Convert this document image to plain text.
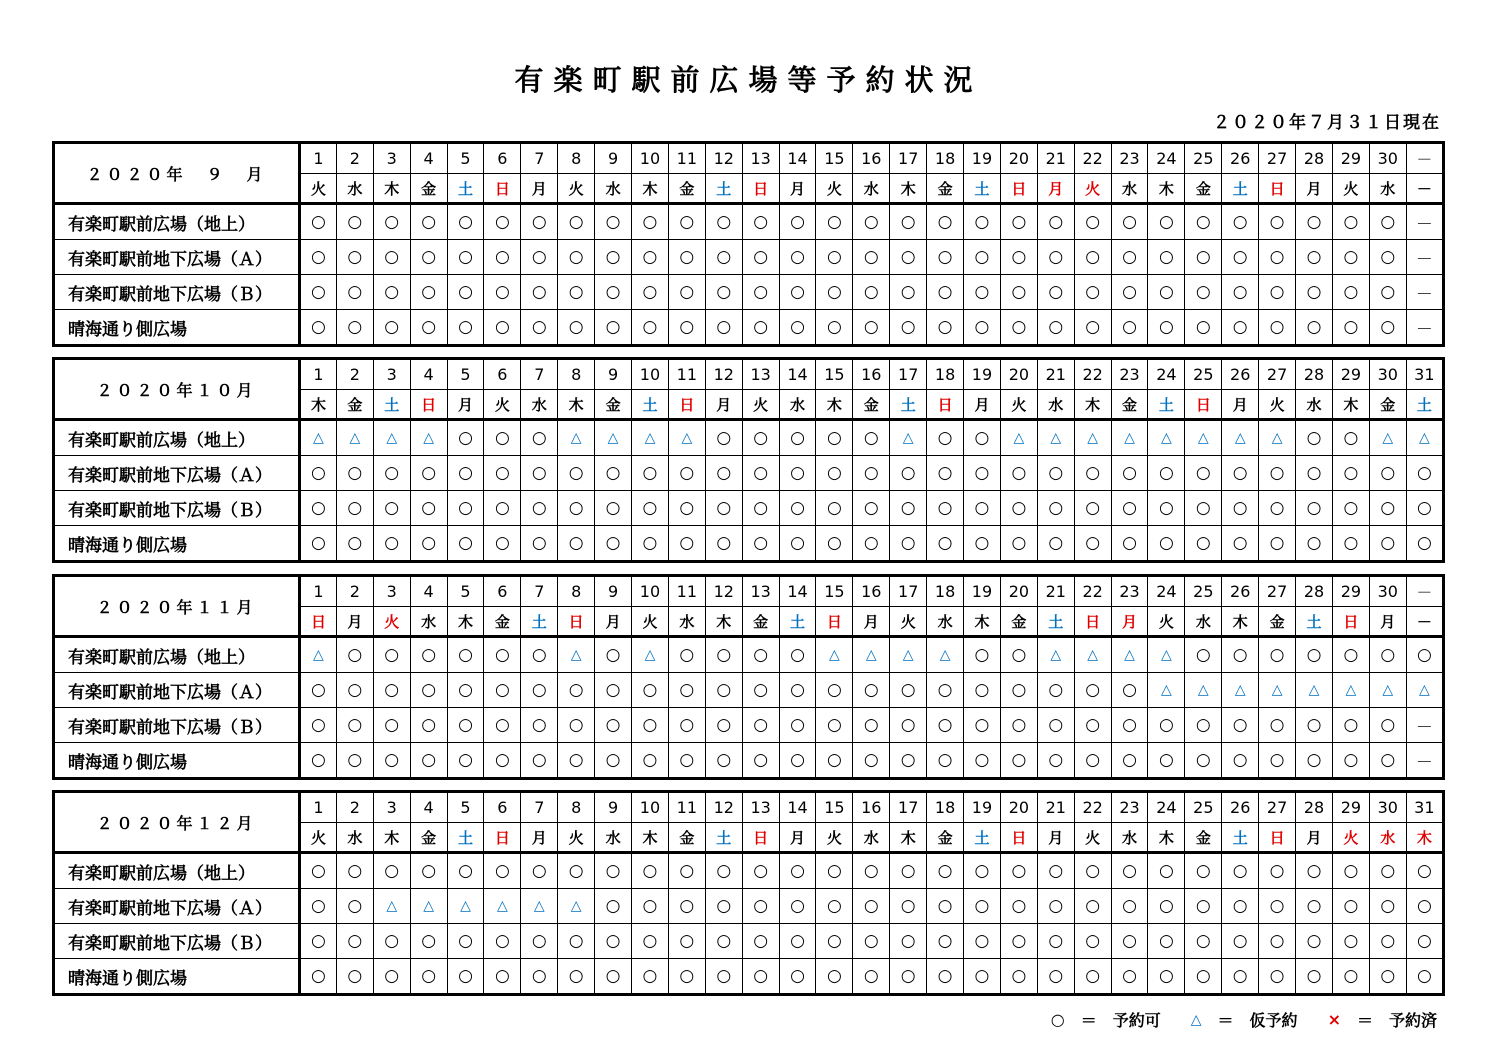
有楽町駅前広場等予約状況
２０２０年７月３１日現在
２０２０年　９　月	1	2	3	4	5	6	7	8	9	10	11	12	13	14	15	16	17	18	19	20	21	22	23	24	25	26	27	28	29	30	－
	火	水	木	金	土	日	月	火	水	木	金	土	日	月	火	水	木	金	土	日	月	火	水	木	金	土	日	月	火	水	－
有楽町駅前広場（地上）	○	○	○	○	○	○	○	○	○	○	○	○	○	○	○	○	○	○	○	○	○	○	○	○	○	○	○	○	○	○	－
有楽町駅前地下広場（Ａ）	○	○	○	○	○	○	○	○	○	○	○	○	○	○	○	○	○	○	○	○	○	○	○	○	○	○	○	○	○	○	－
有楽町駅前地下広場（Ｂ）	○	○	○	○	○	○	○	○	○	○	○	○	○	○	○	○	○	○	○	○	○	○	○	○	○	○	○	○	○	○	－
晴海通り側広場	○	○	○	○	○	○	○	○	○	○	○	○	○	○	○	○	○	○	○	○	○	○	○	○	○	○	○	○	○	○	－
２０２０年１０月	1	2	3	4	5	6	7	8	9	10	11	12	13	14	15	16	17	18	19	20	21	22	23	24	25	26	27	28	29	30	31
	木	金	土	日	月	火	水	木	金	土	日	月	火	水	木	金	土	日	月	火	水	木	金	土	日	月	火	水	木	金	土
有楽町駅前広場（地上）	△	△	△	△	○	○	○	△	△	△	△	○	○	○	○	○	△	○	○	△	△	△	△	△	△	△	△	○	○	△	△
有楽町駅前地下広場（Ａ）	○	○	○	○	○	○	○	○	○	○	○	○	○	○	○	○	○	○	○	○	○	○	○	○	○	○	○	○	○	○	○
有楽町駅前地下広場（Ｂ）	○	○	○	○	○	○	○	○	○	○	○	○	○	○	○	○	○	○	○	○	○	○	○	○	○	○	○	○	○	○	○
晴海通り側広場	○	○	○	○	○	○	○	○	○	○	○	○	○	○	○	○	○	○	○	○	○	○	○	○	○	○	○	○	○	○	○
２０２０年１１月	1	2	3	4	5	6	7	8	9	10	11	12	13	14	15	16	17	18	19	20	21	22	23	24	25	26	27	28	29	30	－
	日	月	火	水	木	金	土	日	月	火	水	木	金	土	日	月	火	水	木	金	土	日	月	火	水	木	金	土	日	月	－
有楽町駅前広場（地上）	△	○	○	○	○	○	○	△	○	△	○	○	○	○	△	△	△	△	○	○	△	△	△	△	○	○	○	○	○	○	○
有楽町駅前地下広場（Ａ）	○	○	○	○	○	○	○	○	○	○	○	○	○	○	○	○	○	○	○	○	○	○	○	△	△	△	△	△	△	△	△
有楽町駅前地下広場（Ｂ）	○	○	○	○	○	○	○	○	○	○	○	○	○	○	○	○	○	○	○	○	○	○	○	○	○	○	○	○	○	○	－
晴海通り側広場	○	○	○	○	○	○	○	○	○	○	○	○	○	○	○	○	○	○	○	○	○	○	○	○	○	○	○	○	○	○	－
２０２０年１２月	1	2	3	4	5	6	7	8	9	10	11	12	13	14	15	16	17	18	19	20	21	22	23	24	25	26	27	28	29	30	31
	火	水	木	金	土	日	月	火	水	木	金	土	日	月	火	水	木	金	土	日	月	火	水	木	金	土	日	月	火	水	木
有楽町駅前広場（地上）	○	○	○	○	○	○	○	○	○	○	○	○	○	○	○	○	○	○	○	○	○	○	○	○	○	○	○	○	○	○	○
有楽町駅前地下広場（Ａ）	○	○	△	△	△	△	△	△	○	○	○	○	○	○	○	○	○	○	○	○	○	○	○	○	○	○	○	○	○	○	○
有楽町駅前地下広場（Ｂ）	○	○	○	○	○	○	○	○	○	○	○	○	○	○	○	○	○	○	○	○	○	○	○	○	○	○	○	○	○	○	○
晴海通り側広場	○	○	○	○	○	○	○	○	○	○	○	○	○	○	○	○	○	○	○	○	○	○	○	○	○	○	○	○	○	○	○
○ ＝ 予約可 △ ＝ 仮予約 × ＝ 予約済
